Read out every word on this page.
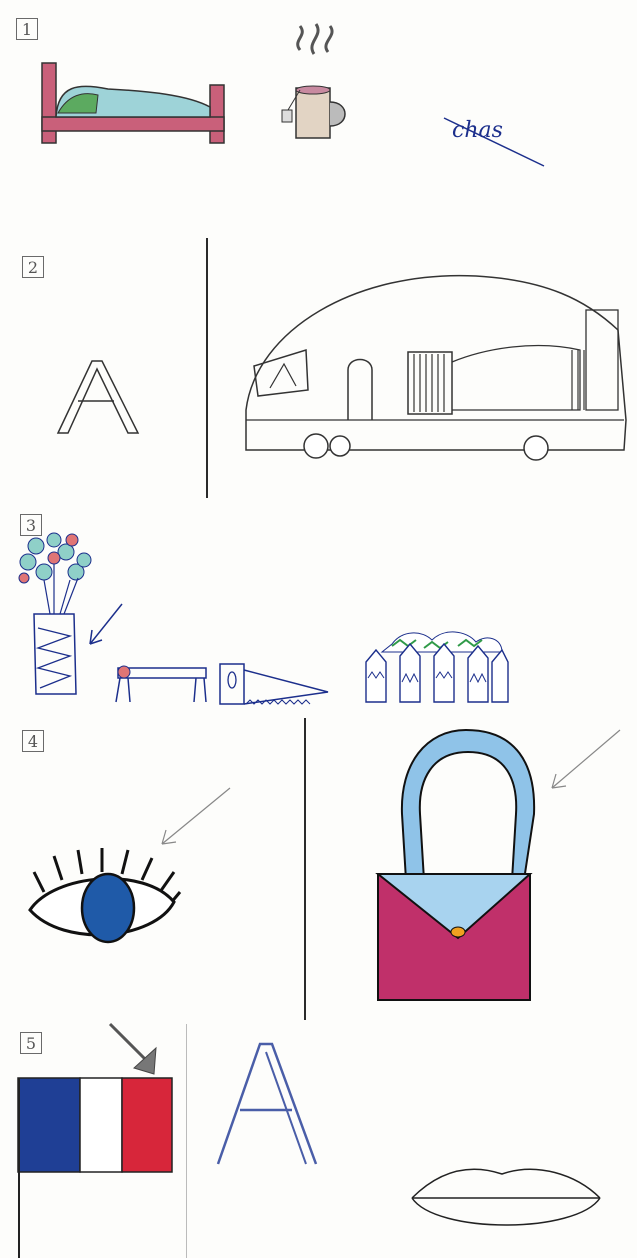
1
chas
2
3
4
5
